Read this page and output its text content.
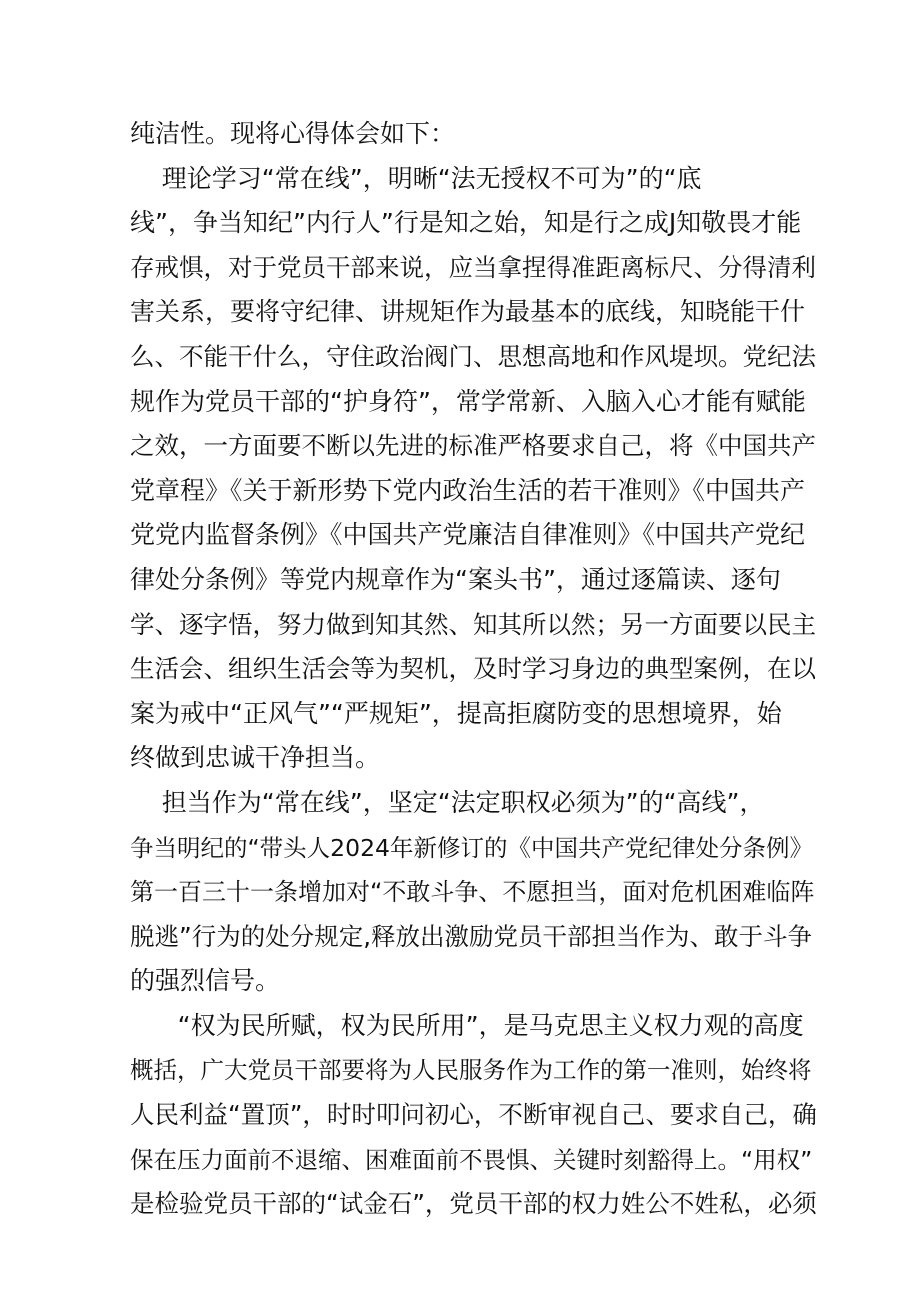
纯洁性。现将心得体会如下：
理论学习“常在线”，明晰“法无授权不可为”的“底
线”，争当知纪”内行人”行是知之始，知是行之成J知敬畏才能
存戒惧，对于党员干部来说，应当拿捏得准距离标尺、分得清利
害关系，要将守纪律、讲规矩作为最基本的底线，知晓能干什
么、不能干什么，守住政治阀门、思想高地和作风堤坝。党纪法
规作为党员干部的“护身符”，常学常新、入脑入心才能有赋能
之效，一方面要不断以先进的标准严格要求自己，将《中国共产
党章程》《关于新形势下党内政治生活的若干准则》《中国共产
党党内监督条例》《中国共产党廉洁自律准则》《中国共产党纪
律处分条例》等党内规章作为“案头书”，通过逐篇读、逐句
学、逐字悟，努力做到知其然、知其所以然；另一方面要以民主
生活会、组织生活会等为契机，及时学习身边的典型案例，在以
案为戒中“正风气”“严规矩”，提高拒腐防变的思想境界，始
终做到忠诚干净担当。
担当作为“常在线”，坚定“法定职权必须为”的“高线”，
争当明纪的“带头人2024年新修订的《中国共产党纪律处分条例》
第一百三十一条增加对“不敢斗争、不愿担当，面对危机困难临阵
脱逃”行为的处分规定,释放出激励党员干部担当作为、敢于斗争
的强烈信号。
“权为民所赋，权为民所用”，是马克思主义权力观的高度
概括，广大党员干部要将为人民服务作为工作的第一准则，始终将
人民利益“置顶”，时时叩问初心，不断审视自己、要求自己，确
保在压力面前不退缩、困难面前不畏惧、关键时刻豁得上。“用权”
是检验党员干部的“试金石”，党员干部的权力姓公不姓私，必须
